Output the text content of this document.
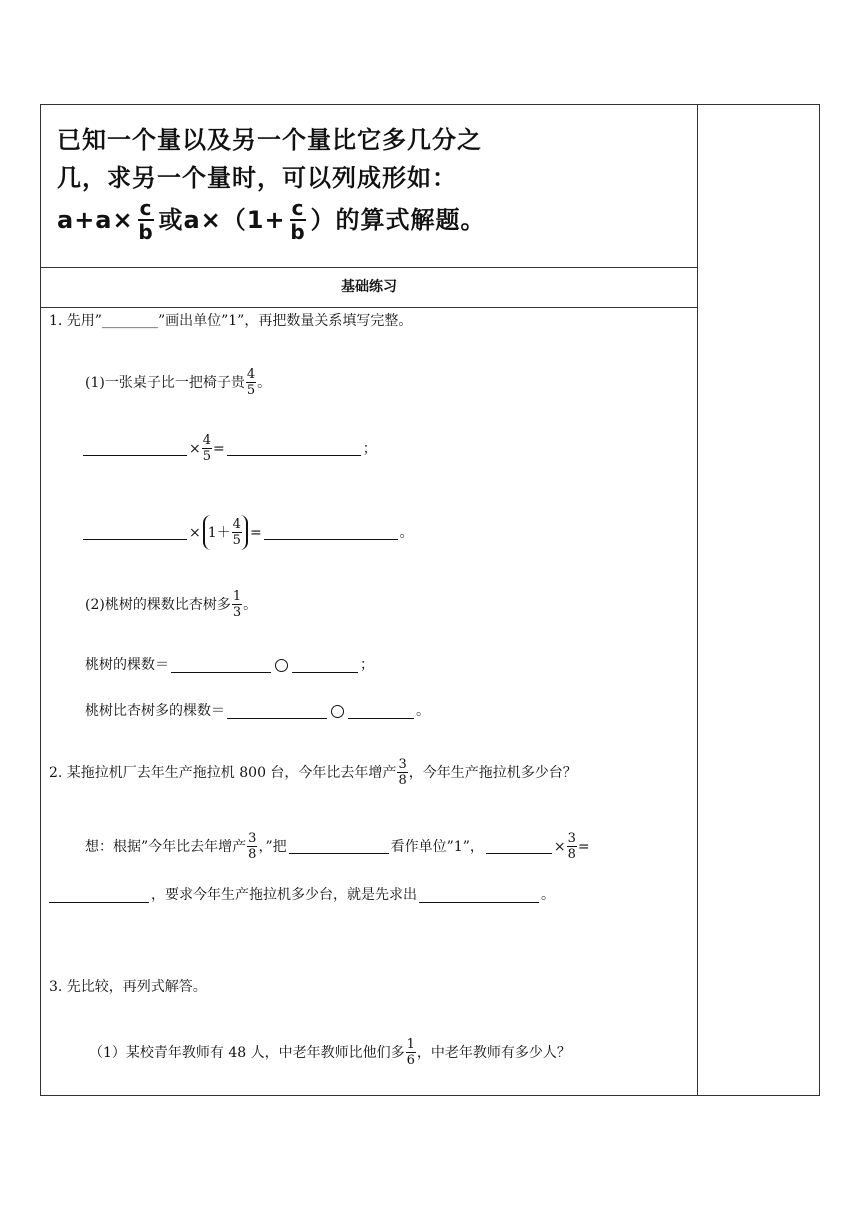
已知一个量以及另一个量比它多几分之
几，求另一个量时，可以列成形如：
$a+a\times \frac{c}{b}$ 或$a\times(1+ \frac{c}{b}$ ）的算式解题。
基础练习
1. 先用”________”画出单位”1”，再把数量关系填写完整。
(1)一张桌子比一把椅子贵 $\frac{4}{5}$ 。
× $\frac{4}{5}$ =	；
× $1+ \frac{4}{5}$ =	。
(2)桃树的棵数比杏树多 $\frac{1}{3}$ 。
桃树的棵数＝	；
桃树比杏树多的棵数＝	。
2. 某拖拉机厂去年生产拖拉机 800 台，今年比去年增产 $\frac{3}{8}$ ，今年生产拖拉机多少台？
想：根据”今年比去年增产 $\frac{3}{8}$ ，”把	看作单位”1”，	× $\frac{3}{8}$ =
，要求今年生产拖拉机多少台，就是先求出	。
3. 先比较，再列式解答。
（1）某校青年教师有 48 人，中老年教师比他们多 $\frac{1}{6}$ ，中老年教师有多少人？
